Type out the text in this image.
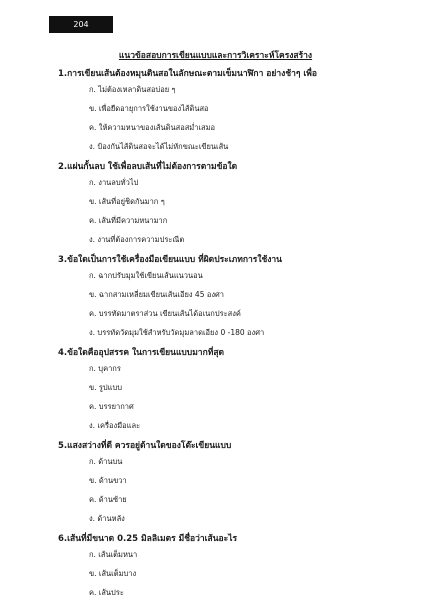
204
แนวข้อสอบการเขียนแบบและการวิเคราะห์โครงสร้าง
1.การเขียนเส้นต้องหมุนดินสอในลักษณะตามเข็มนาฬิกา อย่างช้าๆ เพื่อ
ก. ไม่ต้องเหลาดินสอบ่อย ๆ
ข. เพื่อยืดอายุการใช้งานของไส้ดินสอ
ค. ให้ความหนาของเส้นดินสอสม่ำเสมอ
ง. ป้องกันไส้ดินสอจะได้ไม่หักขณะเขียนเส้น
2.แผ่นกั้นลบ ใช้เพื่อลบเส้นที่ไม่ต้องการตามข้อใด
ก. งานลบทั่วไป
ข. เส้นที่อยู่ชิดกันมาก ๆ
ค. เส้นที่มีความหนามาก
ง. งานที่ต้องการความประณีต
3.ข้อใดเป็นการใช้เครื่องมือเขียนแบบ ที่ผิดประเภทการใช้งาน
ก. ฉากปรับมุมใช้เขียนเส้นแนวนอน
ข. ฉากสามเหลี่ยมเขียนเส้นเอียง 45 องศา
ค. บรรทัดมาตราส่วน เขียนเส้นได้อเนกประสงค์
ง. บรรทัดวัดมุมใช้สำหรับวัดมุมลาดเอียง 0 -180 องศา
4.ข้อใดคืออุปสรรค ในการเขียนแบบมากที่สุด
ก. บุคากร
ข. รูปแบบ
ค. บรรยากาศ
ง. เครื่องมือและ
5.แสงสว่างที่ดี ควรอยู่ด้านใดของโต๊ะเขียนแบบ
ก. ด้านบน
ข. ด้านขวา
ค. ด้านซ้าย
ง. ด้านหลัง
6.เส้นที่มีขนาด 0.25 มิลลิเมตร มีชื่อว่าเส้นอะไร
ก. เส้นเต็มหนา
ข. เส้นเต็มบาง
ค. เส้นประ
